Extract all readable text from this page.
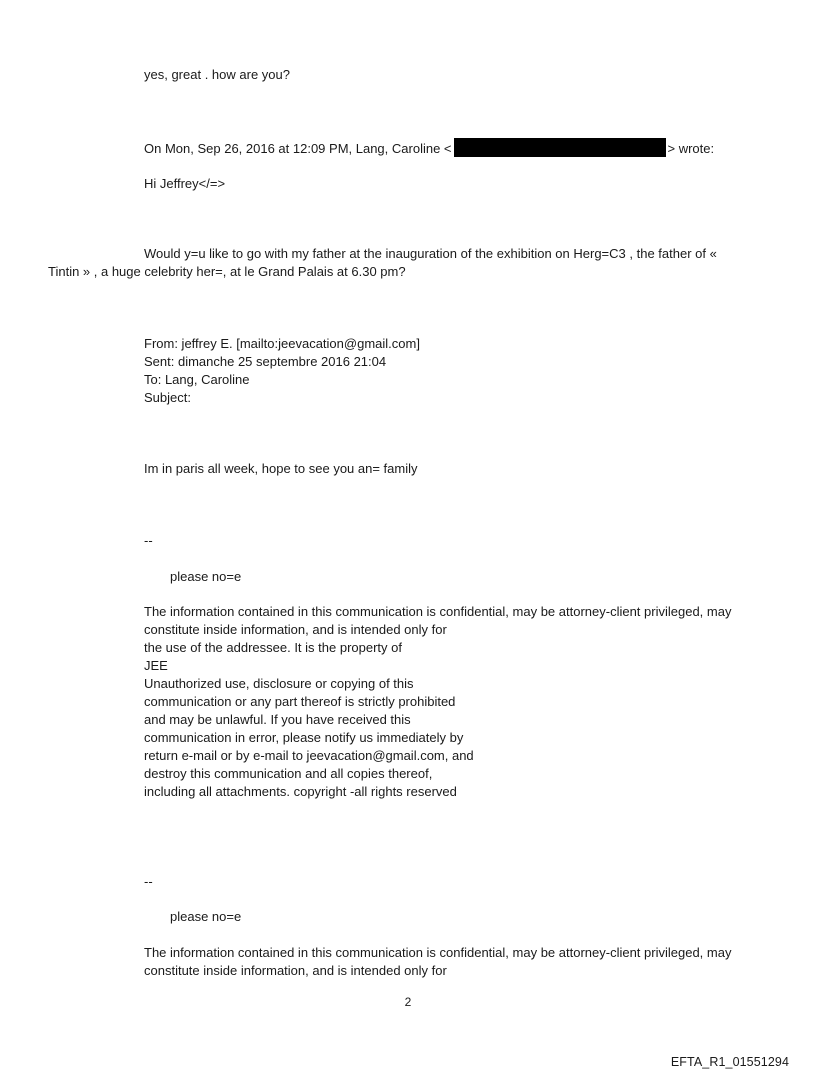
yes, great . how are you?
On Mon, Sep 26, 2016 at 12:09 PM, Lang, Caroline <	> wrote:
Hi Jeffrey</=>
Would y=u like to go with my father at the inauguration of the exhibition on Herg=C3 , the father of «
Tintin » , a huge celebrity her=, at le Grand Palais at 6.30 pm?
From: jeffrey E. [mailto:jeevacation@gmail.com]
Sent: dimanche 25 septembre 2016 21:04
To: Lang, Caroline
Subject:
Im in paris all week, hope to see you an= family
--
please no=e
The information contained in this communication is confidential, may be attorney-client privileged, may
constitute inside information, and is intended only for
the use of the addressee. It is the property of
JEE
Unauthorized use, disclosure or copying of this
communication or any part thereof is strictly prohibited
and may be unlawful. If you have received this
communication in error, please notify us immediately by
return e-mail or by e-mail to jeevacation@gmail.com, and
destroy this communication and all copies thereof,
including all attachments. copyright -all rights reserved
--
please no=e
The information contained in this communication is confidential, may be attorney-client privileged, may
constitute inside information, and is intended only for
2
EFTA_R1_01551294
